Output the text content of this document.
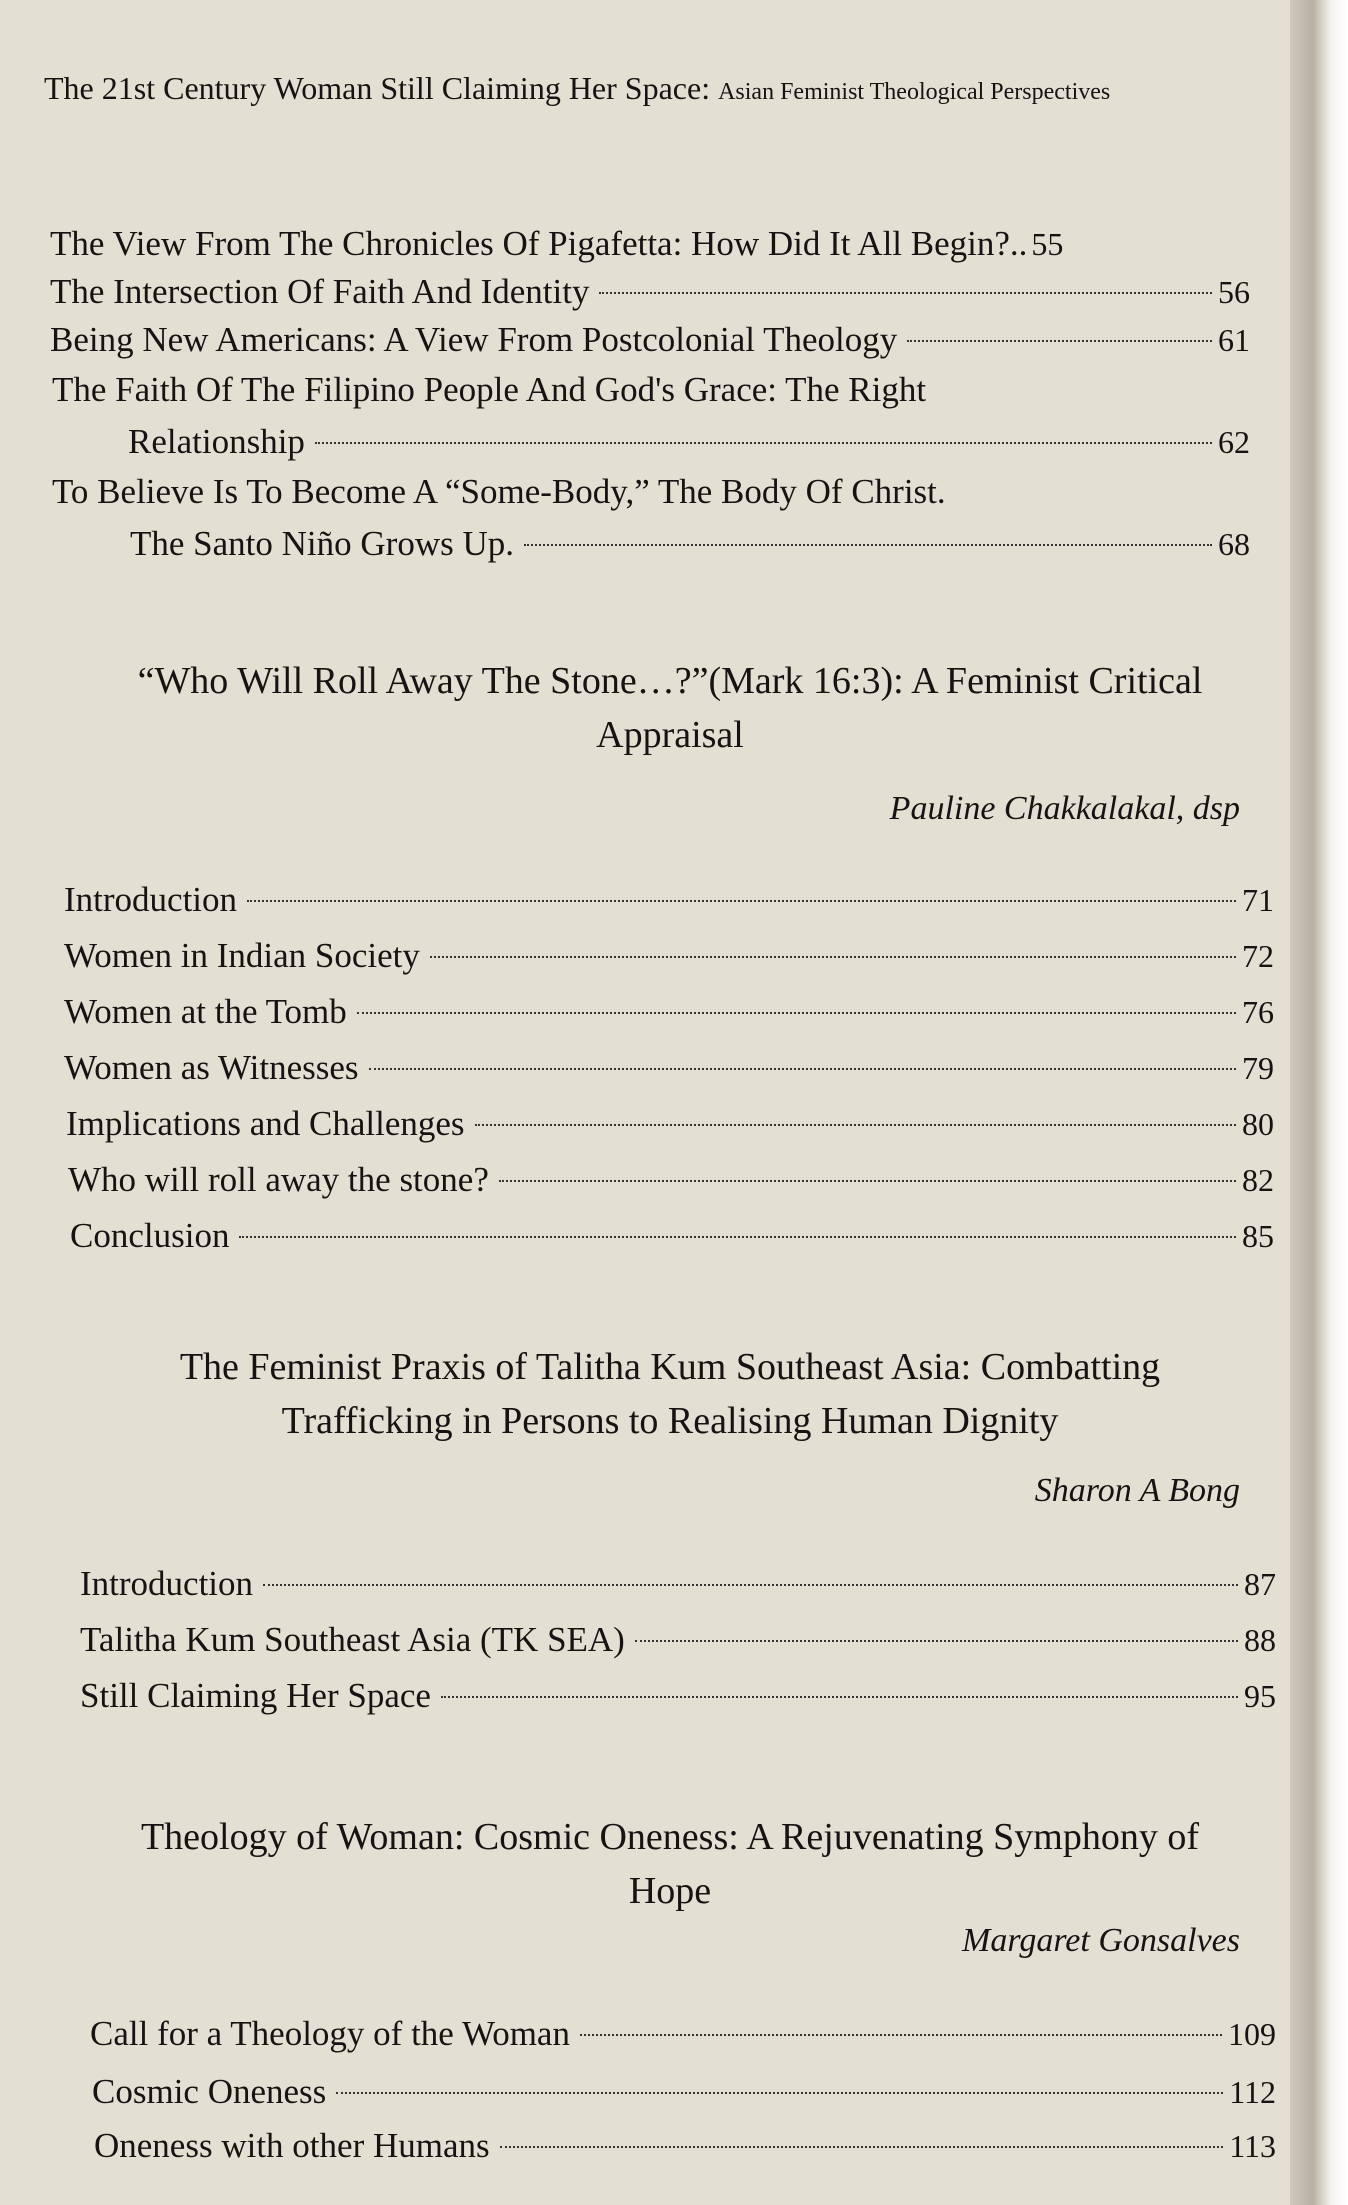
The 21st Century Woman Still Claiming Her Space: Asian Feminist Theological Perspectives
The View From The Chronicles Of Pigafetta: How Did It All Begin?.. 55
The Intersection Of Faith And Identity	56
Being New Americans: A View From Postcolonial Theology	61
The Faith Of The Filipino People And God's Grace: The Right
Relationship	62
To Believe Is To Become A “Some-Body,” The Body Of Christ.
The Santo Niño Grows Up.	68
“Who Will Roll Away The Stone…?”(Mark 16:3): A Feminist Critical
Appraisal
Pauline Chakkalakal, dsp
Introduction	71
Women in Indian Society	72
Women at the Tomb	76
Women as Witnesses	79
Implications and Challenges	80
Who will roll away the stone?	82
Conclusion	85
The Feminist Praxis of Talitha Kum Southeast Asia: Combatting
Trafficking in Persons to Realising Human Dignity
Sharon A Bong
Introduction	87
Talitha Kum Southeast Asia (TK SEA)	88
Still Claiming Her Space	95
Theology of Woman: Cosmic Oneness: A Rejuvenating Symphony of
Hope
Margaret Gonsalves
Call for a Theology of the Woman	109
Cosmic Oneness	112
Oneness with other Humans	113
